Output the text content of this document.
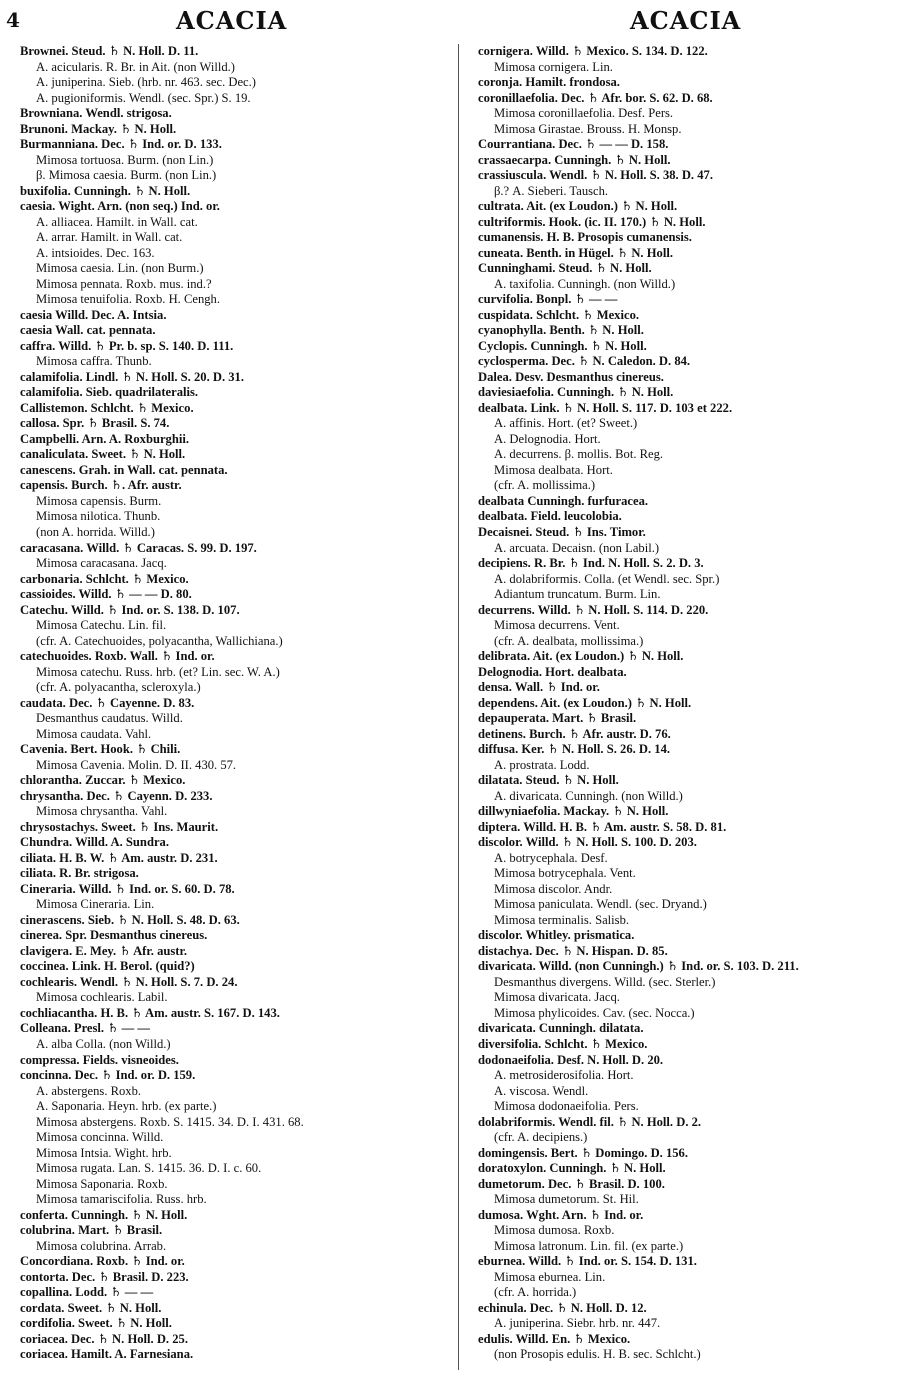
4	ACACIA	ACACIA
Brownei. Steud. ♄ N. Holl. D. 11.
A. acicularis. R. Br. in Ait. (non Willd.)
A. juniperina. Sieb. (hrb. nr. 463. sec. Dec.)
A. pugioniformis. Wendl. (sec. Spr.) S. 19.
Browniana. Wendl. strigosa.
Brunoni. Mackay. ♄ N. Holl.
Burmanniana. Dec. ♄ Ind. or. D. 133.
Mimosa tortuosa. Burm. (non Lin.)
β. Mimosa caesia. Burm. (non Lin.)
buxifolia. Cunningh. ♄ N. Holl.
caesia. Wight. Arn. (non seq.) Ind. or.
A. alliacea. Hamilt. in Wall. cat.
A. arrar. Hamilt. in Wall. cat.
A. intsioides. Dec. 163.
Mimosa caesia. Lin. (non Burm.)
Mimosa pennata. Roxb. mus. ind.?
Mimosa tenuifolia. Roxb. H. Cengh.
caesia Willd. Dec. A. Intsia.
caesia Wall. cat. pennata.
caffra. Willd. ♄ Pr. b. sp. S. 140. D. 111.
Mimosa caffra. Thunb.
calamifolia. Lindl. ♄ N. Holl. S. 20. D. 31.
calamifolia. Sieb. quadrilateralis.
Callistemon. Schlcht. ♄ Mexico.
callosa. Spr. ♄ Brasil. S. 74.
Campbelli. Arn. A. Roxburghii.
canaliculata. Sweet. ♄ N. Holl.
canescens. Grah. in Wall. cat. pennata.
capensis. Burch. ♄. Afr. austr.
Mimosa capensis. Burm.
Mimosa nilotica. Thunb.
(non A. horrida. Willd.)
caracasana. Willd. ♄ Caracas. S. 99. D. 197.
Mimosa caracasana. Jacq.
carbonaria. Schlcht. ♄ Mexico.
cassioides. Willd. ♄ — — D. 80.
Catechu. Willd. ♄ Ind. or. S. 138. D. 107.
Mimosa Catechu. Lin. fil.
(cfr. A. Catechuoides, polyacantha, Wallichiana.)
catechuoides. Roxb. Wall. ♄ Ind. or.
Mimosa catechu. Russ. hrb. (et? Lin. sec. W. A.)
(cfr. A. polyacantha, scleroxyla.)
caudata. Dec. ♄ Cayenne. D. 83.
Desmanthus caudatus. Willd.
Mimosa caudata. Vahl.
Cavenia. Bert. Hook. ♄ Chili.
Mimosa Cavenia. Molin. D. II. 430. 57.
chlorantha. Zuccar. ♄ Mexico.
chrysantha. Dec. ♄ Cayenn. D. 233.
Mimosa chrysantha. Vahl.
chrysostachys. Sweet. ♄ Ins. Maurit.
Chundra. Willd. A. Sundra.
ciliata. H. B. W. ♄ Am. austr. D. 231.
ciliata. R. Br. strigosa.
Cineraria. Willd. ♄ Ind. or. S. 60. D. 78.
Mimosa Cineraria. Lin.
cinerascens. Sieb. ♄ N. Holl. S. 48. D. 63.
cinerea. Spr. Desmanthus cinereus.
clavigera. E. Mey. ♄ Afr. austr.
coccinea. Link. H. Berol. (quid?)
cochlearis. Wendl. ♄ N. Holl. S. 7. D. 24.
Mimosa cochlearis. Labil.
cochliacantha. H. B. ♄ Am. austr. S. 167. D. 143.
Colleana. Presl. ♄ — —
A. alba Colla. (non Willd.)
compressa. Fields. visneoides.
concinna. Dec. ♄ Ind. or. D. 159.
A. abstergens. Roxb.
A. Saponaria. Heyn. hrb. (ex parte.)
Mimosa abstergens. Roxb. S. 1415. 34. D. I. 431. 68.
Mimosa concinna. Willd.
Mimosa Intsia. Wight. hrb.
Mimosa rugata. Lan. S. 1415. 36. D. I. c. 60.
Mimosa Saponaria. Roxb.
Mimosa tamariscifolia. Russ. hrb.
conferta. Cunningh. ♄ N. Holl.
colubrina. Mart. ♄ Brasil.
Mimosa colubrina. Arrab.
Concordiana. Roxb. ♄ Ind. or.
contorta. Dec. ♄ Brasil. D. 223.
copallina. Lodd. ♄ — —
cordata. Sweet. ♄ N. Holl.
cordifolia. Sweet. ♄ N. Holl.
coriacea. Dec. ♄ N. Holl. D. 25.
coriacea. Hamilt. A. Farnesiana.
cornigera. Willd. ♄ Mexico. S. 134. D. 122.
Mimosa cornigera. Lin.
coronja. Hamilt. frondosa.
coronillaefolia. Dec. ♄ Afr. bor. S. 62. D. 68.
Mimosa coronillaefolia. Desf. Pers.
Mimosa Girastae. Brouss. H. Monsp.
Courrantiana. Dec. ♄ — — D. 158.
crassaecarpa. Cunningh. ♄ N. Holl.
crassiuscula. Wendl. ♄ N. Holl. S. 38. D. 47.
β.? A. Sieberi. Tausch.
cultrata. Ait. (ex Loudon.) ♄ N. Holl.
cultriformis. Hook. (ic. II. 170.) ♄ N. Holl.
cumanensis. H. B. Prosopis cumanensis.
cuneata. Benth. in Hügel. ♄ N. Holl.
Cunninghami. Steud. ♄ N. Holl.
A. taxifolia. Cunningh. (non Willd.)
curvifolia. Bonpl. ♄ — —
cuspidata. Schlcht. ♄ Mexico.
cyanophylla. Benth. ♄ N. Holl.
Cyclopis. Cunningh. ♄ N. Holl.
cyclosperma. Dec. ♄ N. Caledon. D. 84.
Dalea. Desv. Desmanthus cinereus.
daviesiaefolia. Cunningh. ♄ N. Holl.
dealbata. Link. ♄ N. Holl. S. 117. D. 103 et 222.
A. affinis. Hort. (et? Sweet.)
A. Delognodia. Hort.
A. decurrens. β. mollis. Bot. Reg.
Mimosa dealbata. Hort.
(cfr. A. mollissima.)
dealbata Cunningh. furfuracea.
dealbata. Field. leucolobia.
Decaisnei. Steud. ♄ Ins. Timor.
A. arcuata. Decaisn. (non Labil.)
decipiens. R. Br. ♄ Ind. N. Holl. S. 2. D. 3.
A. dolabriformis. Colla. (et Wendl. sec. Spr.)
Adiantum truncatum. Burm. Lin.
decurrens. Willd. ♄ N. Holl. S. 114. D. 220.
Mimosa decurrens. Vent.
(cfr. A. dealbata, mollissima.)
delibrata. Ait. (ex Loudon.) ♄ N. Holl.
Delognodia. Hort. dealbata.
densa. Wall. ♄ Ind. or.
dependens. Ait. (ex Loudon.) ♄ N. Holl.
depauperata. Mart. ♄ Brasil.
detinens. Burch. ♄ Afr. austr. D. 76.
diffusa. Ker. ♄ N. Holl. S. 26. D. 14.
A. prostrata. Lodd.
dilatata. Steud. ♄ N. Holl.
A. divaricata. Cunningh. (non Willd.)
dillwyniaefolia. Mackay. ♄ N. Holl.
diptera. Willd. H. B. ♄ Am. austr. S. 58. D. 81.
discolor. Willd. ♄ N. Holl. S. 100. D. 203.
A. botrycephala. Desf.
Mimosa botrycephala. Vent.
Mimosa discolor. Andr.
Mimosa paniculata. Wendl. (sec. Dryand.)
Mimosa terminalis. Salisb.
discolor. Whitley. prismatica.
distachya. Dec. ♄ N. Hispan. D. 85.
divaricata. Willd. (non Cunningh.) ♄ Ind. or. S. 103. D. 211.
Desmanthus divergens. Willd. (sec. Sterler.)
Mimosa divaricata. Jacq.
Mimosa phylicoides. Cav. (sec. Nocca.)
divaricata. Cunningh. dilatata.
diversifolia. Schlcht. ♄ Mexico.
dodonaeifolia. Desf. N. Holl. D. 20.
A. metrosiderosifolia. Hort.
A. viscosa. Wendl.
Mimosa dodonaeifolia. Pers.
dolabriformis. Wendl. fil. ♄ N. Holl. D. 2.
(cfr. A. decipiens.)
domingensis. Bert. ♄ Domingo. D. 156.
doratoxylon. Cunningh. ♄ N. Holl.
dumetorum. Dec. ♄ Brasil. D. 100.
Mimosa dumetorum. St. Hil.
dumosa. Wght. Arn. ♄ Ind. or.
Mimosa dumosa. Roxb.
Mimosa latronum. Lin. fil. (ex parte.)
eburnea. Willd. ♄ Ind. or. S. 154. D. 131.
Mimosa eburnea. Lin.
(cfr. A. horrida.)
echinula. Dec. ♄ N. Holl. D. 12.
A. juniperina. Siebr. hrb. nr. 447.
edulis. Willd. En. ♄ Mexico.
(non Prosopis edulis. H. B. sec. Schlcht.)
